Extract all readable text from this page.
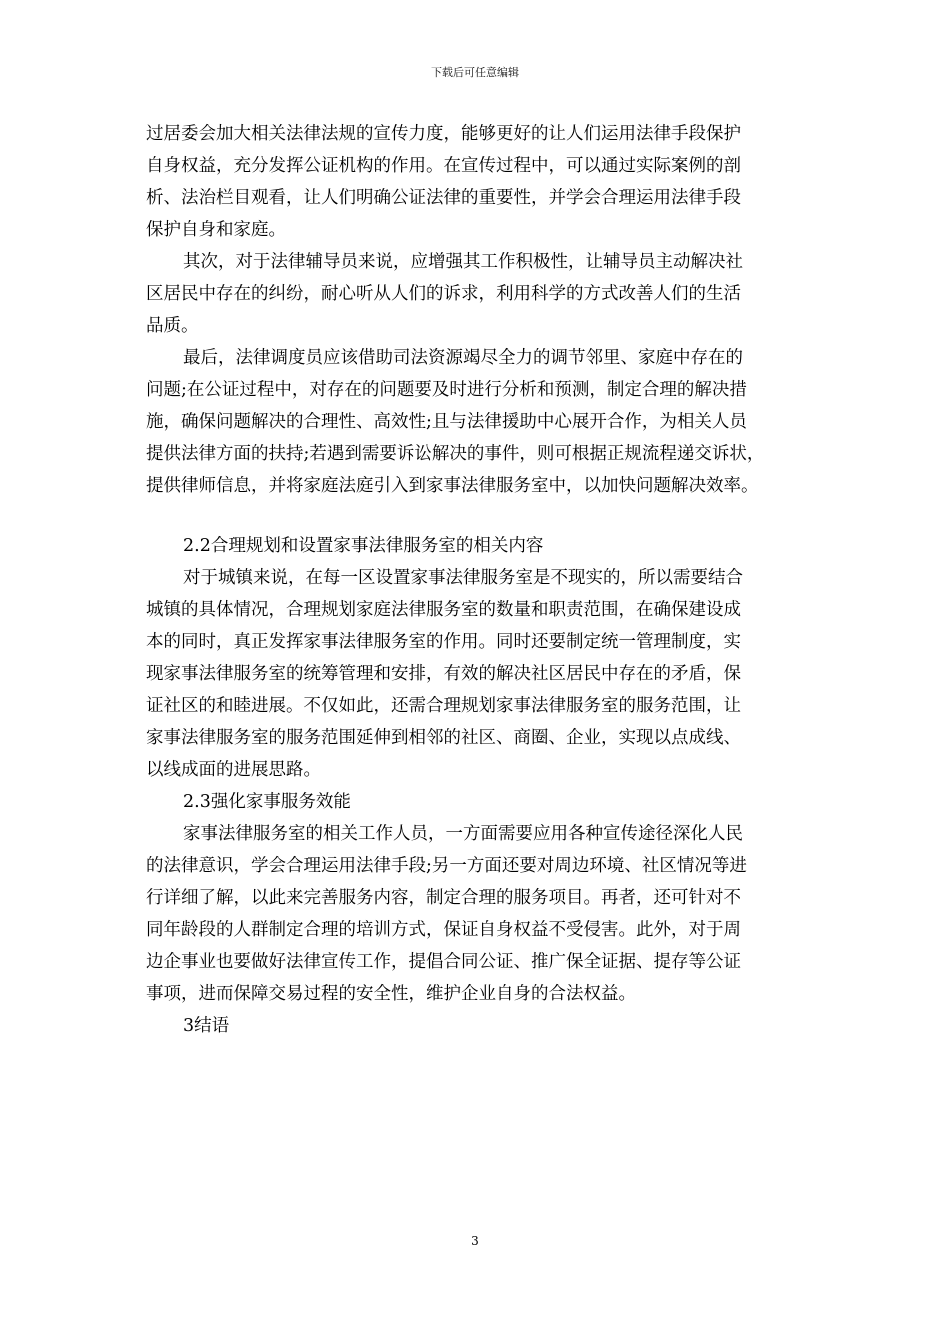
下载后可任意编辑
过居委会加大相关法律法规的宣传力度，能够更好的让人们运用法律手段保护
自身权益，充分发挥公证机构的作用。在宣传过程中，可以通过实际案例的剖
析、法治栏目观看，让人们明确公证法律的重要性，并学会合理运用法律手段
保护自身和家庭。
其次，对于法律辅导员来说，应增强其工作积极性，让辅导员主动解决社
区居民中存在的纠纷，耐心听从人们的诉求，利用科学的方式改善人们的生活
品质。
最后，法律调度员应该借助司法资源竭尽全力的调节邻里、家庭中存在的
问题;在公证过程中，对存在的问题要及时进行分析和预测，制定合理的解决措
施，确保问题解决的合理性、高效性;且与法律援助中心展开合作，为相关人员
提供法律方面的扶持;若遇到需要诉讼解决的事件，则可根据正规流程递交诉状，
提供律师信息，并将家庭法庭引入到家事法律服务室中，以加快问题解决效率。
2.2合理规划和设置家事法律服务室的相关内容
对于城镇来说，在每一区设置家事法律服务室是不现实的，所以需要结合
城镇的具体情况，合理规划家庭法律服务室的数量和职责范围，在确保建设成
本的同时，真正发挥家事法律服务室的作用。同时还要制定统一管理制度，实
现家事法律服务室的统筹管理和安排，有效的解决社区居民中存在的矛盾，保
证社区的和睦进展。不仅如此，还需合理规划家事法律服务室的服务范围，让
家事法律服务室的服务范围延伸到相邻的社区、商圈、企业，实现以点成线、
以线成面的进展思路。
2.3强化家事服务效能
家事法律服务室的相关工作人员，一方面需要应用各种宣传途径深化人民
的法律意识，学会合理运用法律手段;另一方面还要对周边环境、社区情况等进
行详细了解，以此来完善服务内容，制定合理的服务项目。再者，还可针对不
同年龄段的人群制定合理的培训方式，保证自身权益不受侵害。此外，对于周
边企事业也要做好法律宣传工作，提倡合同公证、推广保全证据、提存等公证
事项，进而保障交易过程的安全性，维护企业自身的合法权益。
3结语
3
